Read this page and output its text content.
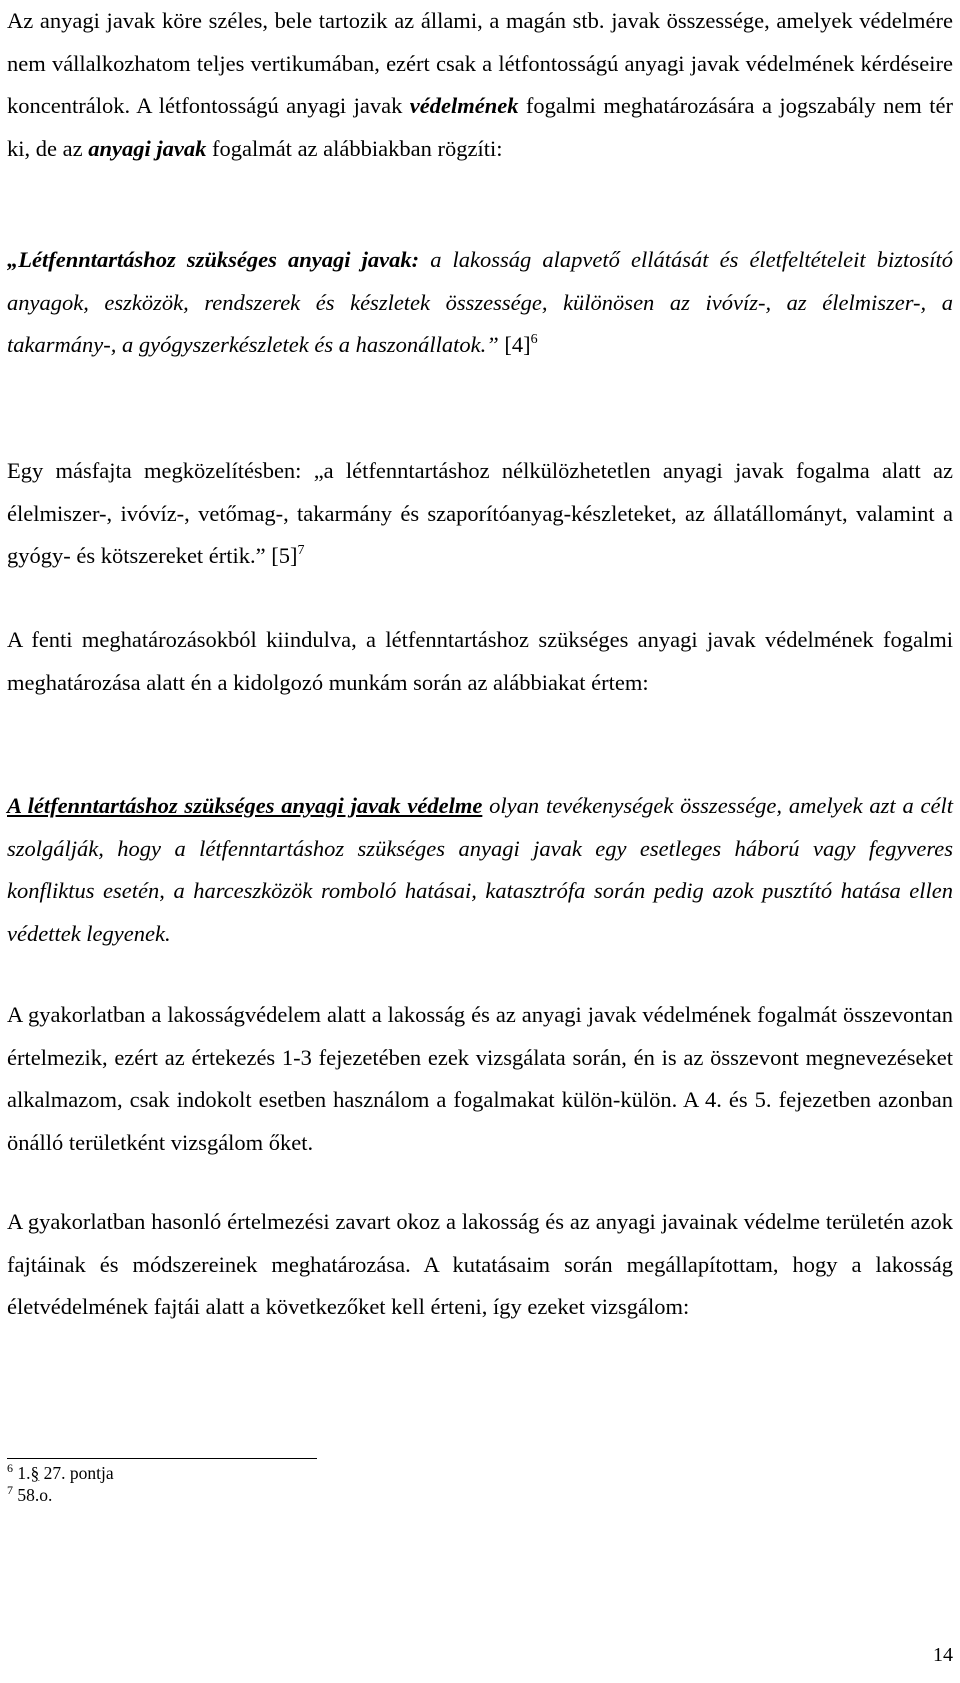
Az anyagi javak köre széles, bele tartozik az állami, a magán stb. javak összessége, amelyek védelmére nem vállalkozhatom teljes vertikumában, ezért csak a létfontosságú anyagi javak védelmének kérdéseire koncentrálok. A létfontosságú anyagi javak védelmének fogalmi meghatározására a jogszabály nem tér ki, de az anyagi javak fogalmát az alábbiakban rögzíti:

„Létfenntartáshoz szükséges anyagi javak: a lakosság alapvető ellátását és életfeltételeit biztosító anyagok, eszközök, rendszerek és készletek összessége, különösen az ivóvíz-, az élelmiszer-, a takarmány-, a gyógyszerkészletek és a haszonállatok.” $[4]^6$

Egy másfajta megközelítésben: „a létfenntartáshoz nélkülözhetetlen anyagi javak fogalma alatt az élelmiszer-, ivóvíz-, vetőmag-, takarmány és szaporítóanyag-készleteket, az állatállományt, valamint a gyógy- és kötszereket értik.” $[5]^7$

A fenti meghatározásokból kiindulva, a létfenntartáshoz szükséges anyagi javak védelmének fogalmi meghatározása alatt én a kidolgozó munkám során az alábbiakat értem:

A létfenntartáshoz szükséges anyagi javak védelme olyan tevékenységek összessége, amelyek azt a célt szolgálják, hogy a létfenntartáshoz szükséges anyagi javak egy esetleges háború vagy fegyveres konfliktus esetén, a harceszközök romboló hatásai, katasztrófa során pedig azok pusztító hatása ellen védettek legyenek.

A gyakorlatban a lakosságvédelem alatt a lakosság és az anyagi javak védelmének fogalmát összevontan értelmezik, ezért az értekezés 1-3 fejezetében ezek vizsgálata során, én is az összevont megnevezéseket alkalmazom, csak indokolt esetben használom a fogalmakat külön-külön. A 4. és 5. fejezetben azonban önálló területként vizsgálom őket.

A gyakorlatban hasonló értelmezési zavart okoz a lakosság és az anyagi javainak védelme területén azok fajtáinak és módszereinek meghatározása. A kutatásaim során megállapítottam, hogy a lakosság életvédelmének fajtái alatt a következőket kell érteni, így ezeket vizsgálom:

$^6$ 1.§ 27. pontja
$^7$ 58.o.
14
